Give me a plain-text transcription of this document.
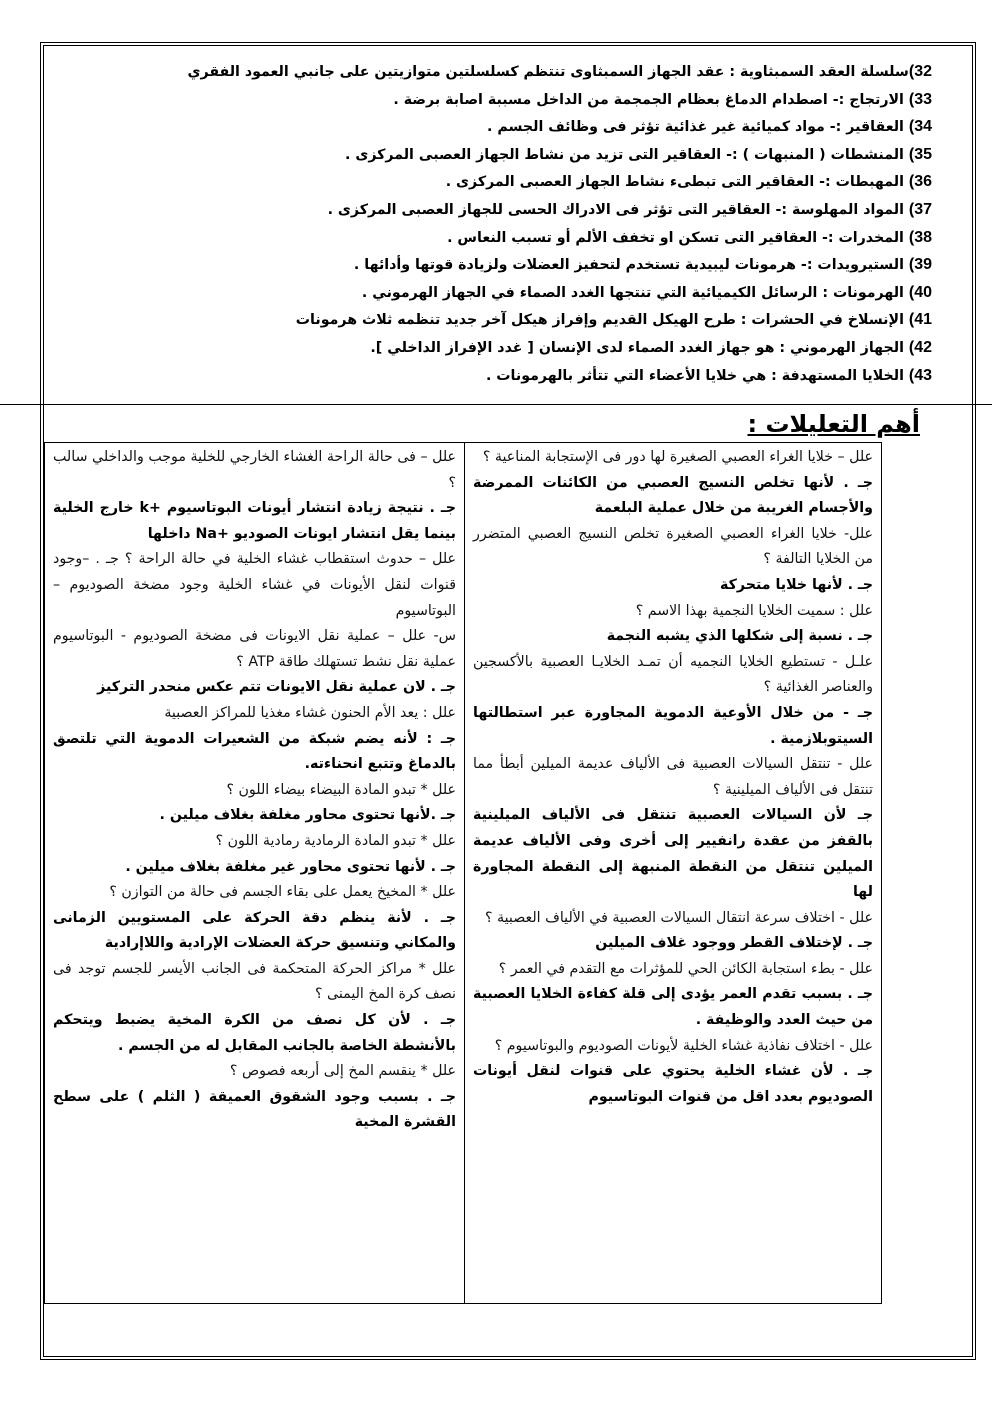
32)سلسلة العقد السمبثاوية : عقد الجهاز السمبثاوى تنتظم كسلسلتين متوازيتين على جانبي العمود الفقري
33) الارتجاج :- اصطدام الدماغ بعظام الجمجمة من الداخل مسببة اصابة برضة .
34) العقاقير :- مواد كميائية غير غذائية تؤثر فى وظائف الجسم .
35) المنشطات ( المنبهات ) :- العقاقير التى تزيد من نشاط الجهاز العصبى المركزى .
36) المهبطات :- العقاقير التى تبطىء نشاط الجهاز العصبى المركزى .
37) المواد المهلوسة :- العقاقير التى تؤثر فى الادراك الحسى للجهاز العصبى المركزى .
38) المخدرات :- العقاقير التى تسكن او تخفف الألم أو تسبب النعاس .
39) الستيرويدات :- هرمونات ليبيدية تستخدم لتحفيز العضلات ولزيادة قوتها وأدائها .
40) الهرمونات : الرسائل الكيميائية التي تنتجها الغدد الصماء في الجهاز الهرموني .
41) الإنسلاخ في الحشرات : طرح الهيكل القديم وإفراز هيكل آخر جديد تنظمه ثلاث هرمونات
42) الجهاز الهرموني : هو جهاز الغدد الصماء لدى الإنسان [ غدد الإفراز الداخلي ].
43) الخلايا المستهدفة : هي خلايا الأعضاء التي تتأثر بالهرمونات .
أهم التعليلات :
علل – خلايا الغراء العصبي الصغيرة لها دور فى الإستجابة المناعية ؟
جـ . لأنها تخلص النسيج العصبي من الكائنات الممرضة والأجسام الغريبة من خلال عملية البلعمة
علل- خلايا الغراء العصبي الصغيرة تخلص النسيج العصبي المتضرر من الخلايا التالفة ؟
جـ . لأنها خلايا متحركة
علل : سميت الخلايا النجمية بهذا الاسم ؟
جـ . نسبة إلى شكلها الذي يشبه النجمة
علـل - تستطيع الخلايا النجميه أن تمـد الخلايـا العصبية بالأكسجين والعناصر الغذائية ؟
جـ - من خلال الأوعية الدموية المجاورة عبر استطالتها السيتوبلازمية .
علل - تنتقل السيالات العصبية فى الألياف عديمة الميلين أبطأ مما تنتقل فى الألياف الميلينية ؟
جـ لأن السيالات العصبية تنتقل فى الألياف الميلينية بالقفز من عقدة رانفيير إلى أخرى وفى الألياف عديمة الميلين تنتقل من النقطة المنبهة إلى النقطة المجاورة لها
علل - اختلاف سرعة انتقال السيالات العصبية في الألياف العصبية ؟
جـ . لإختلاف القطر ووجود غلاف الميلين
علل - بطء استجابة الكائن الحي للمؤثرات مع التقدم في العمر ؟
جـ . بسبب تقدم العمر يؤدى إلى قلة كفاءة الخلايا العصبية من حيث العدد والوظيفة .
علل - اختلاف نفاذية غشاء الخلية لأيونات الصوديوم والبوتاسيوم ؟
جـ . لأن غشاء الخلية يحتوي على قنوات لنقل أيونات الصوديوم بعدد اقل من قنوات البوتاسيوم
علل – فى حالة الراحة الغشاء الخارجي للخلية موجب والداخلي سالب ؟
جـ . نتيجة زيادة انتشار أيونات البوتاسيوم +k خارج الخلية بينما يقل انتشار ايونات الصوديو +Na داخلها
علل – حدوث استقطاب غشاء الخلية في حالة الراحة ؟ جـ . –وجود قنوات لنقل الأيونات في غشاء الخلية وجود مضخة الصوديوم – البوتاسيوم
س- علل – عملية نقل الايونات فى مضخة الصوديوم - البوتاسيوم عملية نقل نشط تستهلك طاقة ATP ؟
جـ . لان عملية نقل الايونات تتم عكس منحدر التركيز
علل : يعد الأم الحنون غشاء مغذيا للمراكز العصبية
جـ : لأنه يضم شبكة من الشعيرات الدموية التي تلتصق بالدماغ وتتبع انحناءته.
علل * تبدو المادة البيضاء بيضاء اللون ؟
جـ .لأنها تحتوى محاور مغلفة بغلاف ميلين .
علل * تبدو المادة الرمادية رمادية اللون ؟
جـ . لأنها تحتوى محاور غير مغلفة بغلاف ميلين .
علل * المخيخ يعمل على بقاء الجسم فى حالة من التوازن ؟
جـ . لأنة ينظم دقة الحركة على المستويين الزمانى والمكاني وتنسيق حركة العضلات الإرادية واللاإرادية
علل * مراكز الحركة المتحكمة فى الجانب الأيسر للجسم توجد فى نصف كرة المخ اليمنى ؟
جـ . لأن كل نصف من الكرة المخية يضبط ويتحكم بالأنشطة الخاصة بالجانب المقابل له من الجسم .
علل * ينقسم المخ إلى أربعه فصوص ؟
جـ . بسبب وجود الشقوق العميقة ( الثلم ) على سطح القشرة المخية
